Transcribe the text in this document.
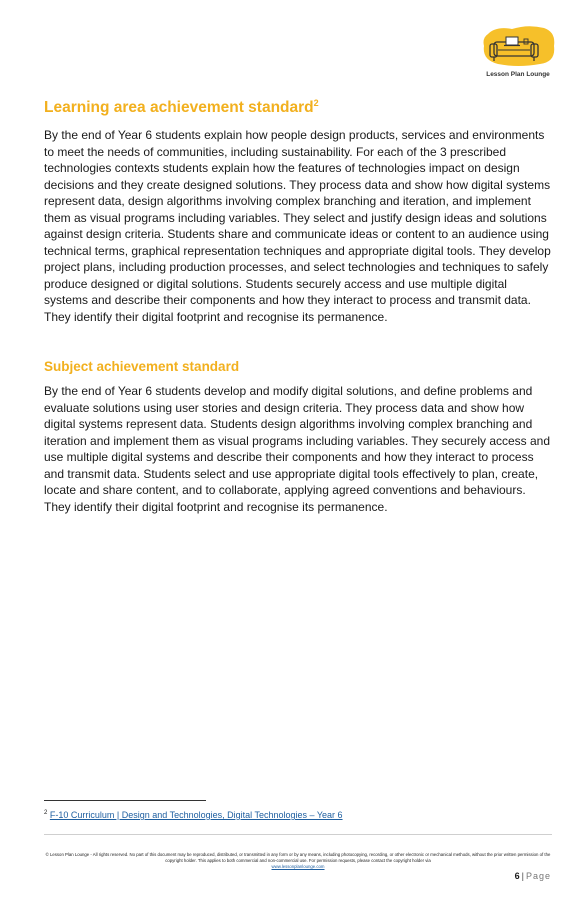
Lesson Plan Lounge
Learning area achievement standard$^2$

By the end of Year 6 students explain how people design products, services and environments to meet the needs of communities, including sustainability. For each of the 3 prescribed technologies contexts students explain how the features of technologies impact on design decisions and they create designed solutions. They process data and show how digital systems represent data, design algorithms involving complex branching and iteration, and implement them as visual programs including variables. They select and justify design ideas and solutions against design criteria. Students share and communicate ideas or content to an audience using technical terms, graphical representation techniques and appropriate digital tools. They develop project plans, including production processes, and select technologies and techniques to safely produce designed or digital solutions. Students securely access and use multiple digital systems and describe their components and how they interact to process and transmit data. They identify their digital footprint and recognise its permanence.

Subject achievement standard

By the end of Year 6 students develop and modify digital solutions, and define problems and evaluate solutions using user stories and design criteria. They process data and show how digital systems represent data. Students design algorithms involving complex branching and iteration and implement them as visual programs including variables. They securely access and use multiple digital systems and describe their components and how they interact to process and transmit data. Students select and use appropriate digital tools effectively to plan, create, locate and share content, and to collaborate, applying agreed conventions and behaviours. They identify their digital footprint and recognise its permanence.

$^2$ F-10 Curriculum | Design and Technologies, Digital Technologies – Year 6
© Lesson Plan Lounge - All rights reserved. No part of this document may be reproduced, distributed, or transmitted in any form or by any means, including photocopying, recording, or other electronic or mechanical methods, without the prior written permission of the copyright holder. This applies to both commercial and non-commercial use. For permission requests, please contact the copyright holder via
www.lessonplanlounge.com
6 | Page
